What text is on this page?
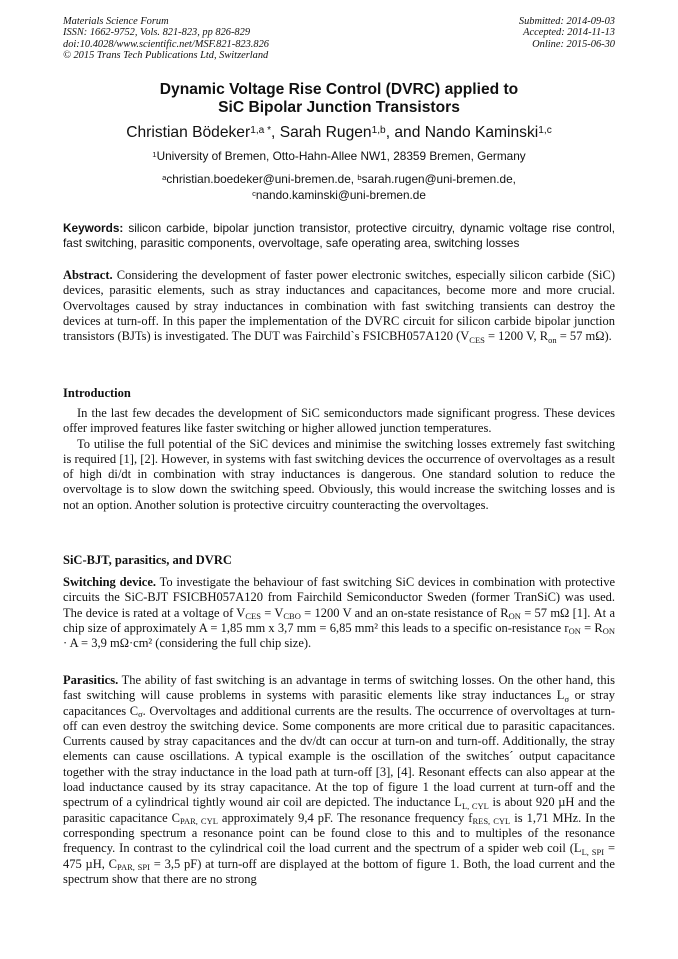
Materials Science Forum
ISSN: 1662-9752, Vols. 821-823, pp 826-829
doi:10.4028/www.scientific.net/MSF.821-823.826
© 2015 Trans Tech Publications Ltd, Switzerland
Submitted: 2014-09-03
Accepted: 2014-11-13
Online: 2015-06-30
Dynamic Voltage Rise Control (DVRC) applied to
SiC Bipolar Junction Transistors
Christian Bödeker$^{1,a *}$, Sarah Rugen$^{1,b}$, and Nando Kaminski$^{1,c}$
$^1$University of Bremen, Otto-Hahn-Allee NW1, 28359 Bremen, Germany
$^a$christian.boedeker@uni-bremen.de, $^b$sarah.rugen@uni-bremen.de,
$^c$nando.kaminski@uni-bremen.de
Keywords: silicon carbide, bipolar junction transistor, protective circuitry, dynamic voltage rise control, fast switching, parasitic components, overvoltage, safe operating area, switching losses

Abstract. Considering the development of faster power electronic switches, especially silicon carbide (SiC) devices, parasitic elements, such as stray inductances and capacitances, become more and more crucial. Overvoltages caused by stray inductances in combination with fast switching transients can destroy the devices at turn-off. In this paper the implementation of the DVRC circuit for silicon carbide bipolar junction transistors (BJTs) is investigated. The DUT was Fairchild`s FSICBH057A120 ($V_{CES} = 1200$ V, $R_{on} = 57$ mΩ).

Introduction

In the last few decades the development of SiC semiconductors made significant progress. These devices offer improved features like faster switching or higher allowed junction temperatures.

To utilise the full potential of the SiC devices and minimise the switching losses extremely fast switching is required [1], [2]. However, in systems with fast switching devices the occurrence of overvoltages as a result of high di/dt in combination with stray inductances is dangerous. One standard solution to reduce the overvoltage is to slow down the switching speed. Obviously, this would increase the switching losses and is not an option. Another solution is protective circuitry counteracting the overvoltages.

SiC-BJT, parasitics, and DVRC

Switching device. To investigate the behaviour of fast switching SiC devices in combination with protective circuits the SiC-BJT FSICBH057A120 from Fairchild Semiconductor Sweden (former TranSiC) was used. The device is rated at a voltage of $V_{CES} = V_{CBO} = 1200$ V and an on-state resistance of $R_{ON} = 57$ mΩ [1]. At a chip size of approximately A = 1,85 mm x 3,7 mm = 6,85 mm² this leads to a specific on-resistance $r_{ON} = R_{ON} \cdot A = 3,9$ mΩ·cm² (considering the full chip size).

Parasitics. The ability of fast switching is an advantage in terms of switching losses. On the other hand, this fast switching will cause problems in systems with parasitic elements like stray inductances $L_\sigma$ or stray capacitances $C_\sigma$. Overvoltages and additional currents are the results. The occurrence of overvoltages at turn-off can even destroy the switching device. Some components are more critical due to parasitic capacitances. Currents caused by stray capacitances and the dv/dt can occur at turn-on and turn-off. Additionally, the stray elements can cause oscillations. A typical example is the oscillation of the switches´ output capacitance together with the stray inductance in the load path at turn-off [3], [4]. Resonant effects can also appear at the load inductance caused by its stray capacitance. At the top of figure 1 the load current at turn-off and the spectrum of a cylindrical tightly wound air coil are depicted. The inductance $L_{L, CYL}$ is about 920 µH and the parasitic capacitance $C_{PAR, CYL}$ approximately 9,4 pF. The resonance frequency $f_{RES, CYL}$ is 1,71 MHz. In the corresponding spectrum a resonance point can be found close to this and to multiples of the resonance frequency. In contrast to the cylindrical coil the load current and the spectrum of a spider web coil ($L_{L, SPI} = 475$ µH, $C_{PAR, SPI} = 3,5$ pF) at turn-off are displayed at the bottom of figure 1. Both, the load current and the spectrum show that there are no strong
